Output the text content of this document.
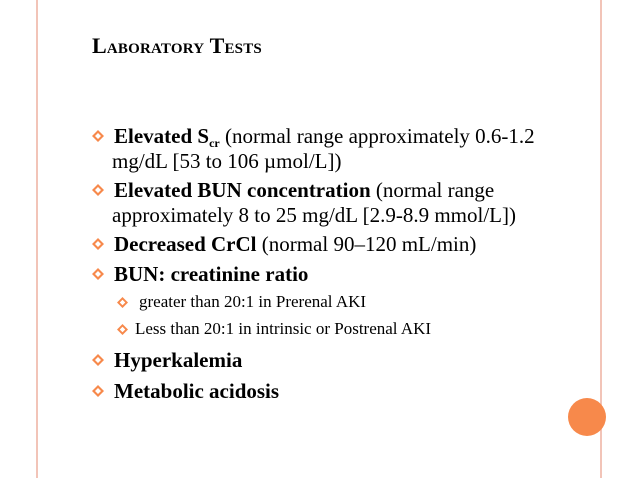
Laboratory Tests
Elevated $S_{cr}$ (normal range approximately 0.6-1.2
mg/dL [53 to 106 µmol/L])
Elevated BUN concentration (normal range
approximately 8 to 25 mg/dL [2.9-8.9 mmol/L])
Decreased CrCl (normal 90–120 mL/min)
BUN: creatinine ratio
greater than 20:1 in Prerenal AKI
Less than 20:1 in intrinsic or Postrenal AKI
Hyperkalemia
Metabolic acidosis
